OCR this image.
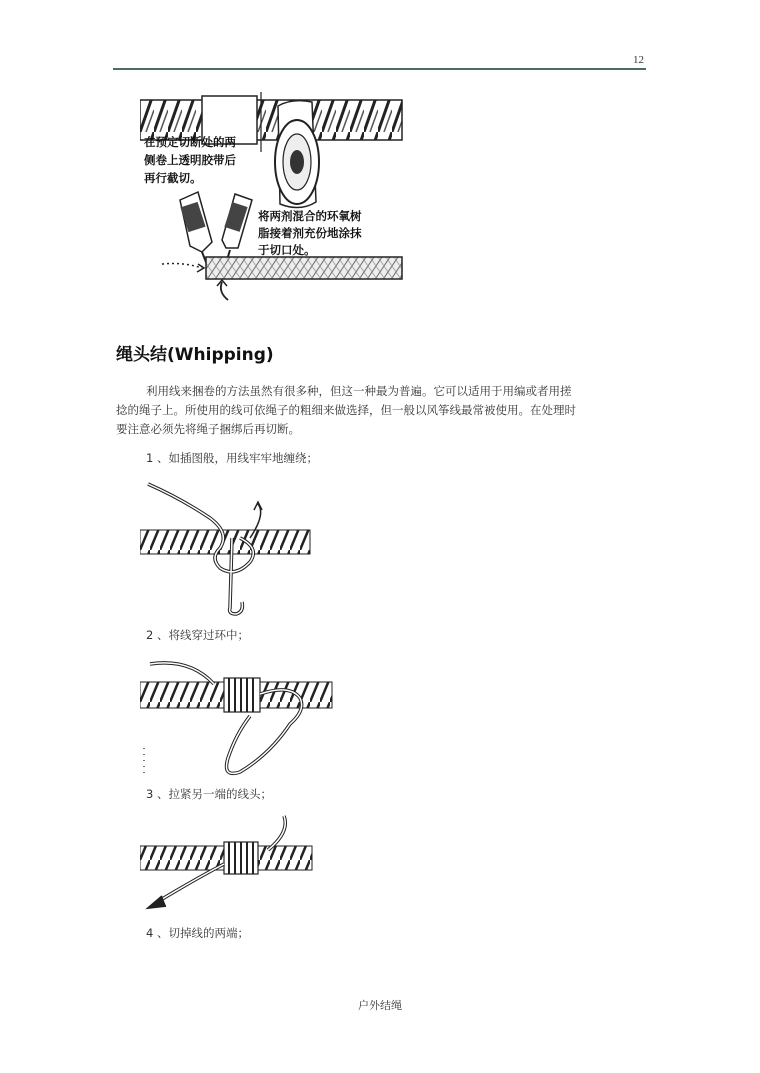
12
在预定切断处的两
侧卷上透明胶带后
再行截切。
将两剂混合的环氧树
脂接着剂充份地涂抹
于切口处。
绳头结(Whipping)

利用线来捆卷的方法虽然有很多种，但这一种最为普遍。它可以适用于用编或者用搓
捻的绳子上。所使用的线可依绳子的粗细来做选择，但一般以风筝线最常被使用。在处理时
要注意必须先将绳子捆绑后再切断。

1 、如插图般，用线牢牢地缠绕；

2 、将线穿过环中；

3 、拉紧另一端的线头；

4 、切掉线的两端；

户外结绳
